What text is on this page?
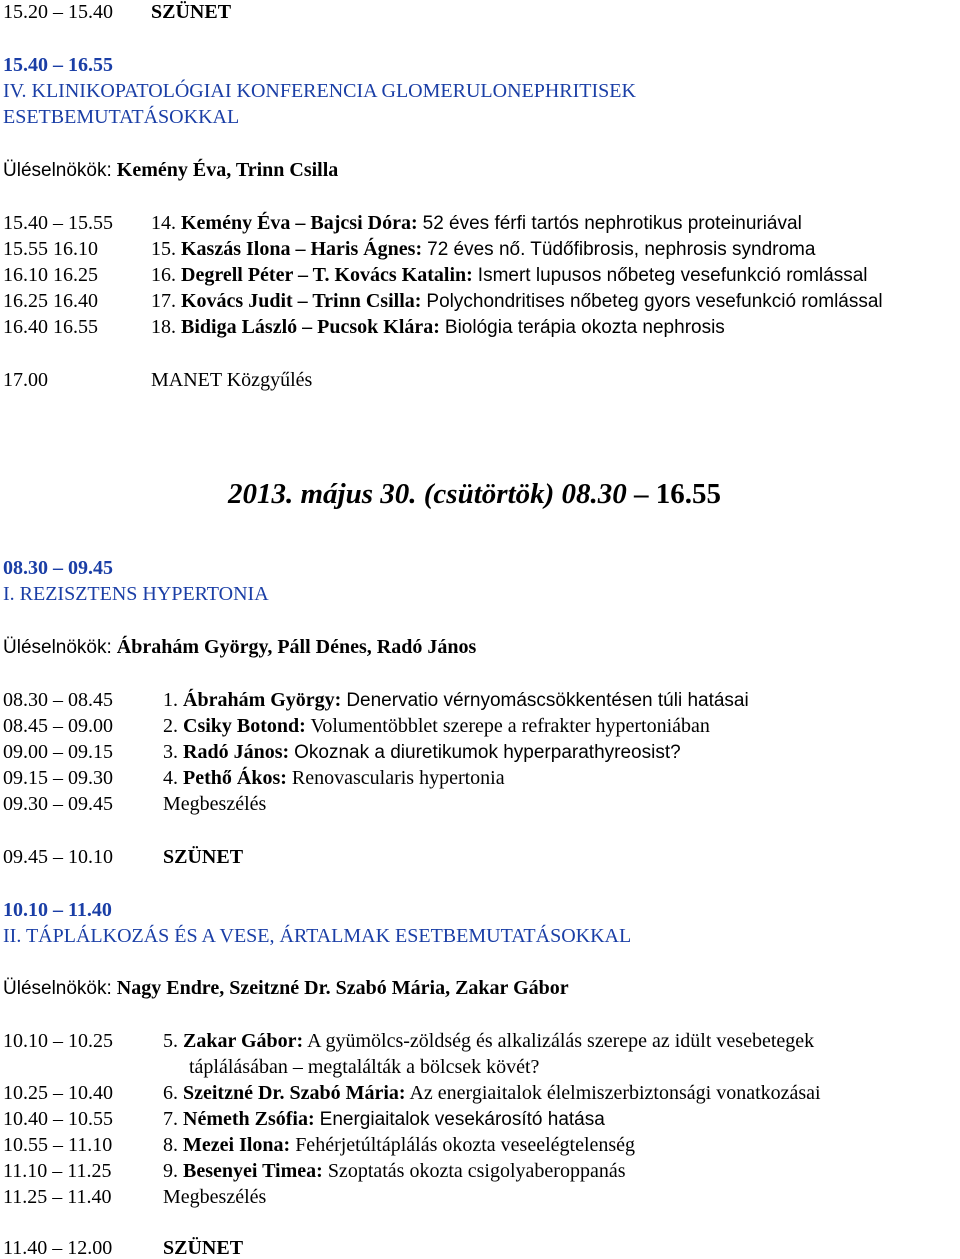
15.20 – 15.40 SZÜNET
15.40 – 16.55
IV. KLINIKOPATOLÓGIAI KONFERENCIA GLOMERULONEPHRITISEK
ESETBEMUTATÁSOKKAL
Üléselnökök: Kemény Éva, Trinn Csilla
15.40 – 15.55 14. Kemény Éva – Bajcsi Dóra: 52 éves férfi tartós nephrotikus proteinuriával
15.55 16.10	15. Kaszás Ilona – Haris Ágnes: 72 éves nő. Tüdőfibrosis, nephrosis syndroma
16.10 16.25	16. Degrell Péter – T. Kovács Katalin: Ismert lupusos nőbeteg vesefunkció romlással
16.25 16.40	17. Kovács Judit – Trinn Csilla: Polychondritises nőbeteg gyors vesefunkció romlással
16.40 16.55	18. Bidiga László – Pucsok Klára: Biológia terápia okozta nephrosis
17.00	MANET Közgyűlés
2013. május 30. (csütörtök) 08.30 – 16.55
08.30 – 09.45
I. REZISZTENS HYPERTONIA
Üléselnökök: Ábrahám György, Páll Dénes, Radó János
08.30 – 08.45	1. Ábrahám György: Denervatio vérnyomáscsökkentésen túli hatásai
08.45 – 09.00	2. Csiky Botond: Volumentöbblet szerepe a refrakter hypertoniában
09.00 – 09.15	3. Radó János: Okoznak a diuretikumok hyperparathyreosist?
09.15 – 09.30	4. Pethő Ákos: Renovascularis hypertonia
09.30 – 09.45	Megbeszélés
09.45 – 10.10	SZÜNET
10.10 – 11.40
II. TÁPLÁLKOZÁS ÉS A VESE, ÁRTALMAK ESETBEMUTATÁSOKKAL
Üléselnökök: Nagy Endre, Szeitzné Dr. Szabó Mária, Zakar Gábor
10.10 – 10.25	5. Zakar Gábor: A gyümölcs-zöldség és alkalizálás szerepe az idült vesebetegek
táplálásában – megtalálták a bölcsek kövét?
10.25 – 10.40	6. Szeitzné Dr. Szabó Mária: Az energiaitalok élelmiszerbiztonsági vonatkozásai
10.40 – 10.55	7. Németh Zsófia: Energiaitalok vesekárosító hatása
10.55 – 11.10	8. Mezei Ilona: Fehérjetúltáplálás okozta veseelégtelenség
11.10 – 11.25	9. Besenyei Timea: Szoptatás okozta csigolyaberoppanás
11.25 – 11.40	Megbeszélés
11.40 – 12.00	SZÜNET
